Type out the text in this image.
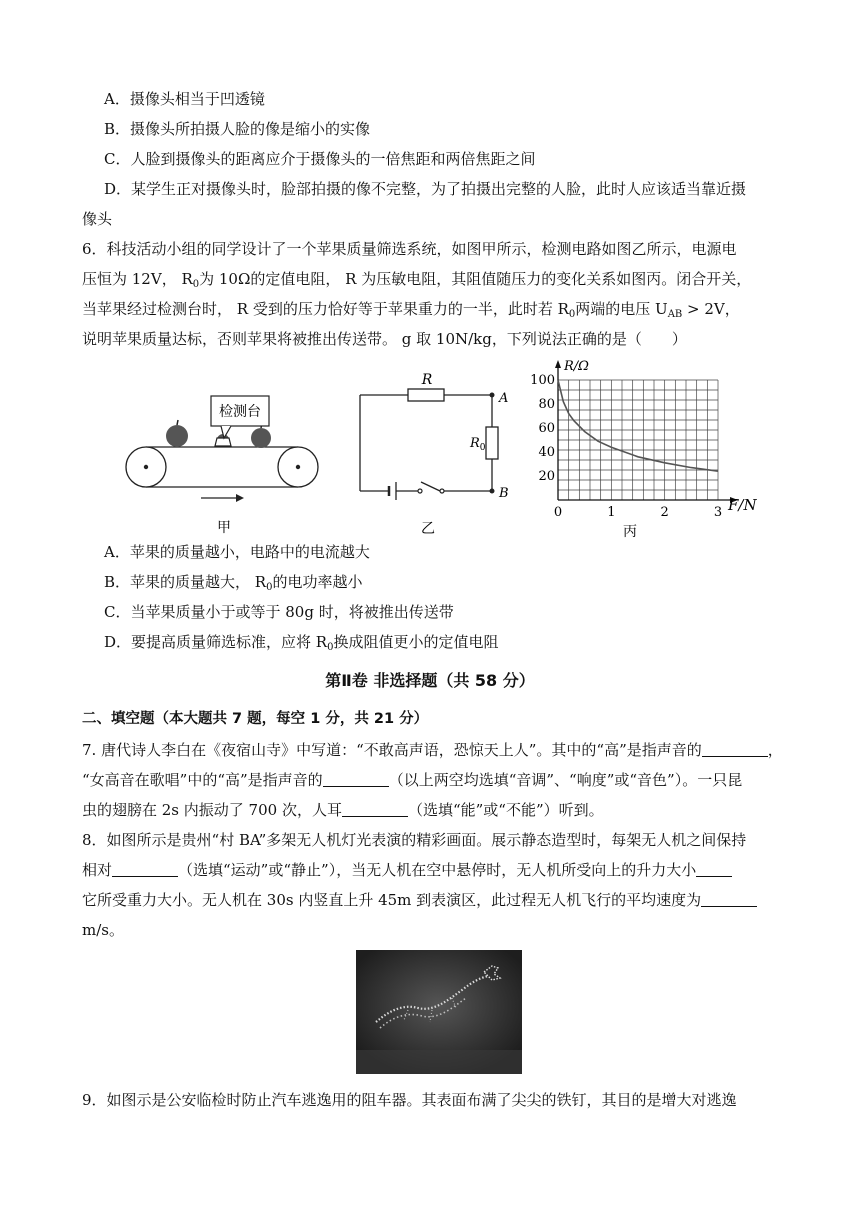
A．摄像头相当于凹透镜
B．摄像头所拍摄人脸的像是缩小的实像
C．人脸到摄像头的距离应介于摄像头的一倍焦距和两倍焦距之间
D．某学生正对摄像头时，脸部拍摄的像不完整，为了拍摄出完整的人脸，此时人应该适当靠近摄
像头
6．科技活动小组的同学设计了一个苹果质量筛选系统，如图甲所示，检测电路如图乙所示，电源电
压恒为 12V， $R_0$为 10Ω的定值电阻， R 为压敏电阻，其阻值随压力的变化关系如图丙。闭合开关，
当苹果经过检测台时， R 受到的压力恰好等于苹果重力的一半，此时若 $R_0$两端的电压 $U_{AB} > 2V$，
说明苹果质量达标，否则苹果将被推出传送带。 g 取 10N/kg，下列说法正确的是（　　）
检测台
甲
R
A
B
$R_0$
乙
0	1	2	3
20
40
60
80
100
R/Ω
F/N
丙
A．苹果的质量越小，电路中的电流越大
B．苹果的质量越大， $R_0$的电功率越小
C．当苹果质量小于或等于 80g 时，将被推出传送带
D．要提高质量筛选标准，应将 $R_0$换成阻值更小的定值电阻
第Ⅱ卷 非选择题（共 58 分）
二、填空题（本大题共 7 题，每空 1 分，共 21 分）
7. 唐代诗人李白在《夜宿山寺》中写道：“不敢高声语，恐惊天上人”。其中的“高”是指声音的	，
“女高音在歌唱”中的“高”是指声音的	（以上两空均选填“音调”、“响度”或“音色”）。一只昆
虫的翅膀在 2s 内振动了 700 次，人耳	（选填“能”或“不能”）听到。
8．如图所示是贵州“村 BA”多架无人机灯光表演的精彩画面。展示静态造型时，每架无人机之间保持
相对	（选填“运动”或“静止”），当无人机在空中悬停时，无人机所受向上的升力大小
它所受重力大小。无人机在 30s 内竖直上升 45m 到表演区，此过程无人机飞行的平均速度为
m/s。
9．如图示是公安临检时防止汽车逃逸用的阻车器。其表面布满了尖尖的铁钉，其目的是增大对逃逸
